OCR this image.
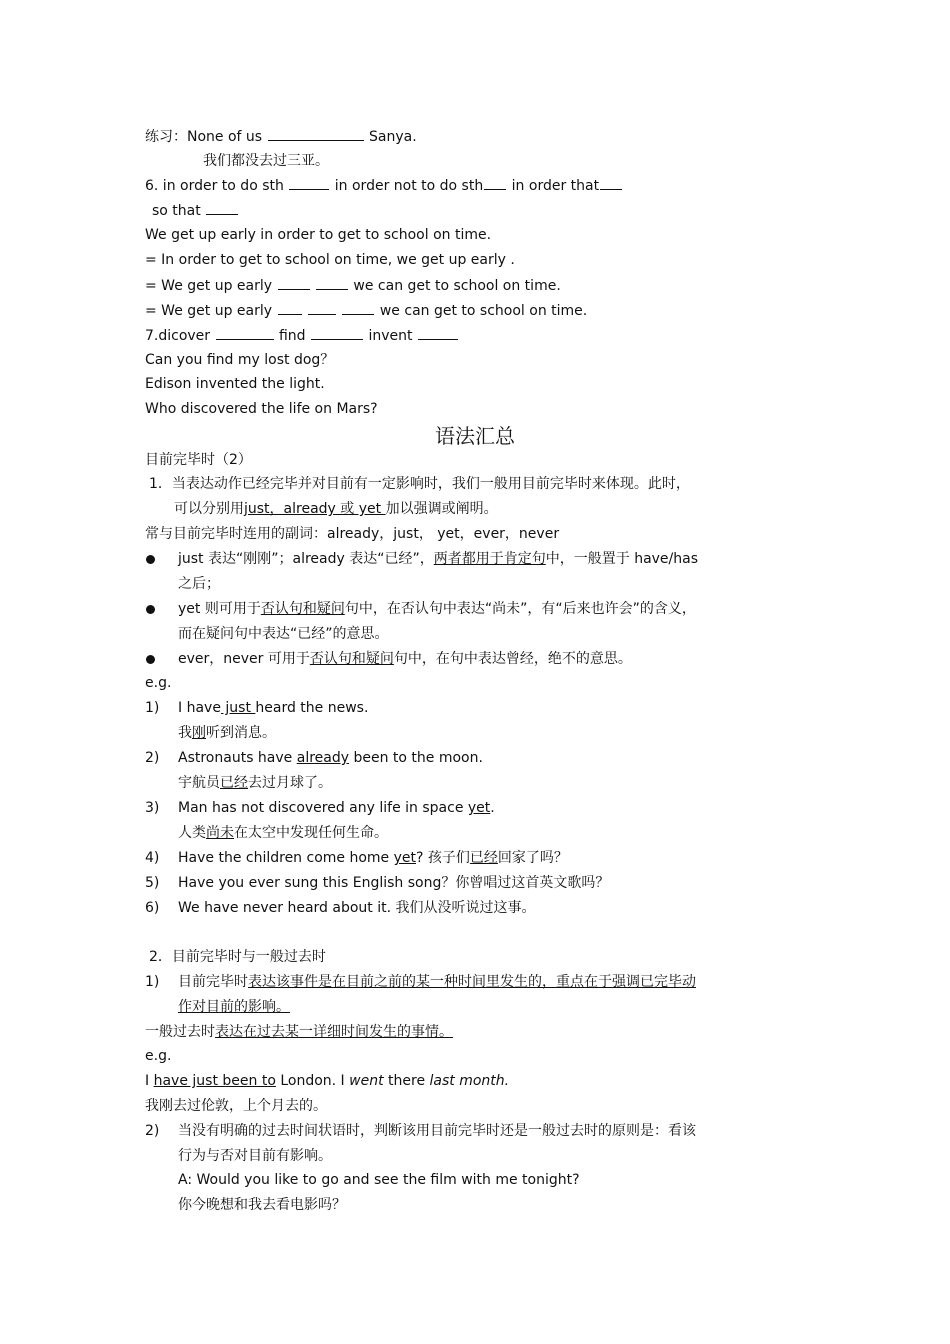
练习：None of us	Sanya.
我们都没去过三亚。
6. in order to do sth	in order not to do sth in order that
so that
We get up early in order to get to school on time.
= In order to get to school on time, we get up early .
= We get up early	we can get to school on time.
= We get up early	we can get to school on time.
7.dicover	find	invent
Can you find my lost dog？
Edison invented the light.
Who discovered the life on Mars?
语法汇总
目前完毕时（2）
1．当表达动作已经完毕并对目前有一定影响时，我们一般用目前完毕时来体现。此时，
可以分别用just，already 或 yet 加以强调或阐明。
常与目前完毕时连用的副词：already，just， yet，ever，never
just 表达“刚刚”；already 表达“已经”，两者都用于肯定句中，一般置于 have/has
之后；
yet 则可用于否认句和疑问句中，在否认句中表达“尚未”，有“后来也许会”的含义，
而在疑问句中表达“已经”的意思。
ever，never 可用于否认句和疑问句中，在句中表达曾经，绝不的意思。
e.g.
1) I have just heard the news.
我刚听到消息。
2) Astronauts have already been to the moon.
宇航员已经去过月球了。
3) Man has not discovered any life in space yet.
人类尚未在太空中发现任何生命。
4) Have the children come home yet? 孩子们已经回家了吗？
5) Have you ever sung this English song？你曾唱过这首英文歌吗？
6) We have never heard about it. 我们从没听说过这事。
2．目前完毕时与一般过去时
1) 目前完毕时表达该事件是在目前之前的某一种时间里发生的，重点在于强调已完毕动
作对目前的影响。
一般过去时表达在过去某一详细时间发生的事情。
e.g.
I have just been to London. I went there last month.
我刚去过伦敦，上个月去的。
2) 当没有明确的过去时间状语时，判断该用目前完毕时还是一般过去时的原则是：看该
行为与否对目前有影响。
A: Would you like to go and see the film with me tonight?
你今晚想和我去看电影吗？
